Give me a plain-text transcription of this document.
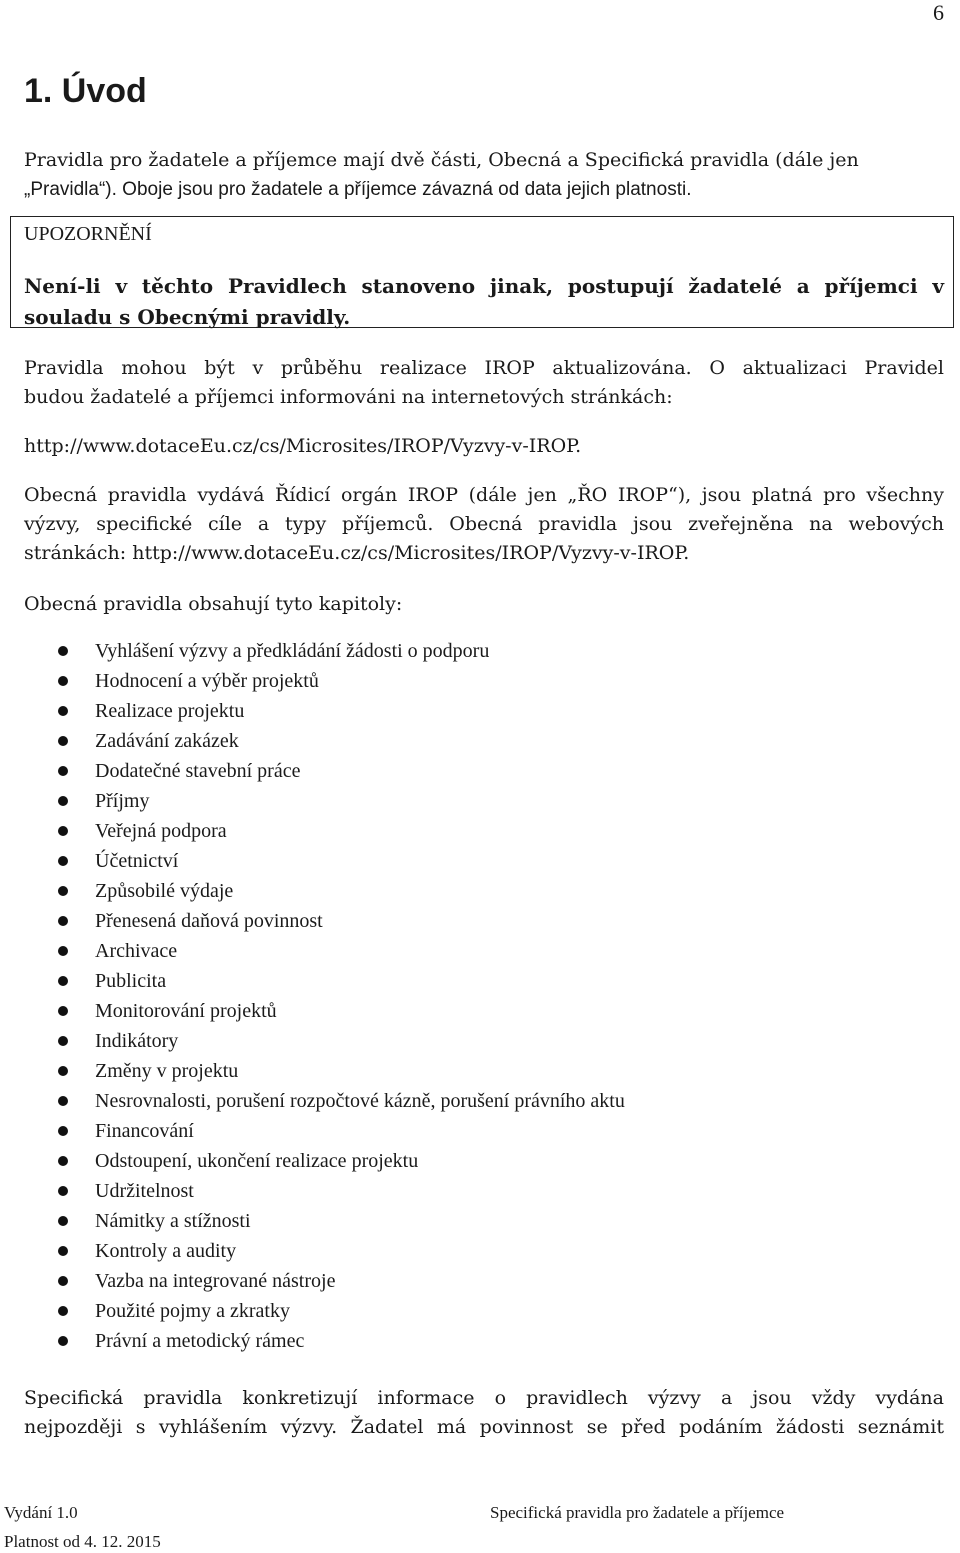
6
1. Úvod
Pravidla pro žadatele a příjemce mají dvě části, Obecná a Specifická pravidla (dále jen
„Pravidla“). Oboje jsou pro žadatele a příjemce závazná od data jejich platnosti.
UPOZORNĚNÍ
Není-li v těchto Pravidlech stanoveno jinak, postupují žadatelé a příjemci v
souladu s Obecnými pravidly.
Pravidla mohou být v průběhu realizace IROP aktualizována. O aktualizaci Pravidel
budou žadatelé a příjemci informováni na internetových stránkách:
http://www.dotaceEu.cz/cs/Microsites/IROP/Vyzvy-v-IROP.
Obecná pravidla vydává Řídicí orgán IROP (dále jen „ŘO IROP“), jsou platná pro všechny
výzvy, specifické cíle a typy příjemců. Obecná pravidla jsou zveřejněna na webových
stránkách: http://www.dotaceEu.cz/cs/Microsites/IROP/Vyzvy-v-IROP.
Obecná pravidla obsahují tyto kapitoly:
Vyhlášení výzvy a předkládání žádosti o podporu
Hodnocení a výběr projektů
Realizace projektu
Zadávání zakázek
Dodatečné stavební práce
Příjmy
Veřejná podpora
Účetnictví
Způsobilé výdaje
Přenesená daňová povinnost
Archivace
Publicita
Monitorování projektů
Indikátory
Změny v projektu
Nesrovnalosti, porušení rozpočtové kázně, porušení právního aktu
Financování
Odstoupení, ukončení realizace projektu
Udržitelnost
Námitky a stížnosti
Kontroly a audity
Vazba na integrované nástroje
Použité pojmy a zkratky
Právní a metodický rámec
Specifická pravidla konkretizují informace o pravidlech výzvy a jsou vždy vydána
nejpozději s vyhlášením výzvy. Žadatel má povinnost se před podáním žádosti seznámit
Vydání 1.0	Specifická pravidla pro žadatele a příjemce
Platnost od 4. 12. 2015
